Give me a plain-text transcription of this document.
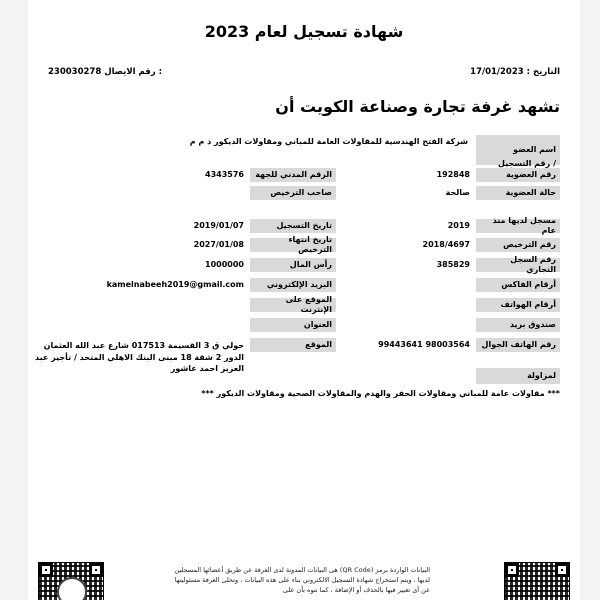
شهادة تسجيل لعام 2023
التاريخ : 17/01/2023
230030278 رقم الايصال :
تشهد غرفة تجارة وصناعة الكويت أن
اسم العضو
رقم التسجيل /
رقم العضوية
حالة العضوية
مسجل لديها منذ عام
رقم الترخيص
رقم السجل التجاري
أرقام الفاكس
أرقام الهواتف
صندوق بريد
رقم الهاتف الجوال
لمزاولة
شركة الفتح الهندسية للمقاولات العامة للمباني ومقاولات الديكور ذ م م
192848
صالحة
2019
2018/4697
385829
99443641 98003564
الرقم المدني للجهة
صاحب الترخيص
تاريخ التسجيل
تاريخ انتهاء الترخيص
رأس المال
البريد الإلكتروني
الموقع على الإنترنت
العنوان
الموقع
4343576
2019/01/07
2027/01/08
1000000
kamelnabeeh2019@gmail.com
حولي ق 3 القسيمة 017513 شارع عبد الله العثمان الدور 2 شقة 18 مبنى البنك الاهلي المتحد / تأجير عبد العزيز احمد عاشور
*** مقاولات عامة للمباني ومقاولات الحفر والهدم والمقاولات الصحية ومقاولات الديكور ***
البيانات الواردة برمز (QR Code) هى البيانات المدونة لدى الغرفة عن طريق أعضائها المسجلين لديها ، ويتم استخراج شهادة التسجيل الالكتروني بناء على هذه البيانات ، وتخلى الغرفة مسئوليتها عن أى تغيير فيها بالحذف أو الإضافة ، كما تنوه بأن على
